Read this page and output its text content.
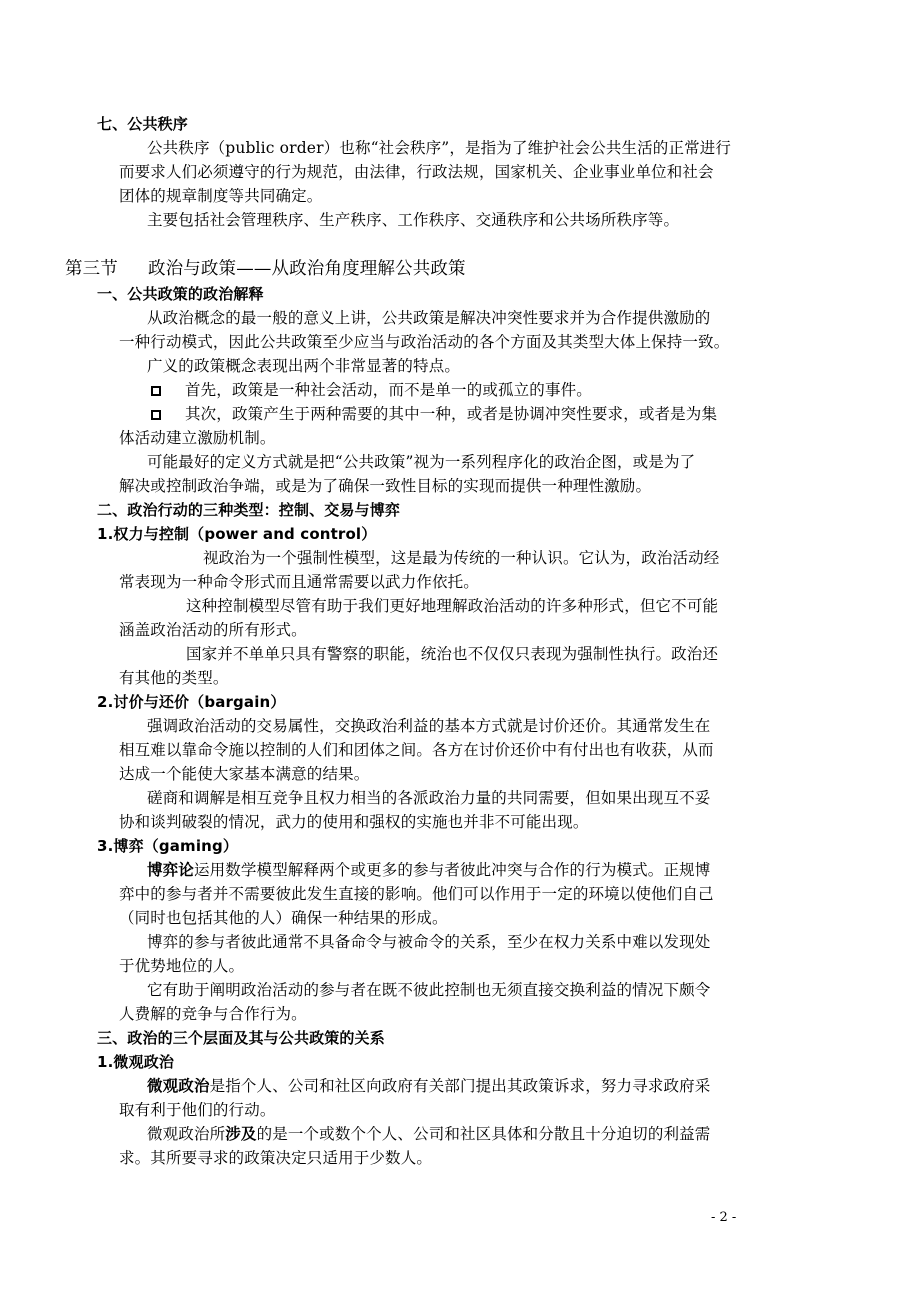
七、公共秩序
公共秩序（public order）也称“社会秩序”，是指为了维护社会公共生活的正常进行
而要求人们必须遵守的行为规范，由法律，行政法规，国家机关、企业事业单位和社会
团体的规章制度等共同确定。
主要包括社会管理秩序、生产秩序、工作秩序、交通秩序和公共场所秩序等。
第三节 政治与政策——从政治角度理解公共政策
一、公共政策的政治解释
从政治概念的最一般的意义上讲，公共政策是解决冲突性要求并为合作提供激励的
一种行动模式，因此公共政策至少应当与政治活动的各个方面及其类型大体上保持一致。
广义的政策概念表现出两个非常显著的特点。
首先，政策是一种社会活动，而不是单一的或孤立的事件。
其次，政策产生于两种需要的其中一种，或者是协调冲突性要求，或者是为集
体活动建立激励机制。
可能最好的定义方式就是把“公共政策”视为一系列程序化的政治企图，或是为了
解决或控制政治争端，或是为了确保一致性目标的实现而提供一种理性激励。
二、政治行动的三种类型：控制、交易与博弈
1.权力与控制（power and control）
视政治为一个强制性模型，这是最为传统的一种认识。它认为，政治活动经
常表现为一种命令形式而且通常需要以武力作依托。
这种控制模型尽管有助于我们更好地理解政治活动的许多种形式，但它不可能
涵盖政治活动的所有形式。
国家并不单单只具有警察的职能，统治也不仅仅只表现为强制性执行。政治还
有其他的类型。
2.讨价与还价（bargain）
强调政治活动的交易属性，交换政治利益的基本方式就是讨价还价。其通常发生在
相互难以靠命令施以控制的人们和团体之间。各方在讨价还价中有付出也有收获，从而
达成一个能使大家基本满意的结果。
磋商和调解是相互竞争且权力相当的各派政治力量的共同需要，但如果出现互不妥
协和谈判破裂的情况，武力的使用和强权的实施也并非不可能出现。
3.博弈（gaming）
博弈论运用数学模型解释两个或更多的参与者彼此冲突与合作的行为模式。正规博
弈中的参与者并不需要彼此发生直接的影响。他们可以作用于一定的环境以使他们自己
（同时也包括其他的人）确保一种结果的形成。
博弈的参与者彼此通常不具备命令与被命令的关系，至少在权力关系中难以发现处
于优势地位的人。
它有助于阐明政治活动的参与者在既不彼此控制也无须直接交换利益的情况下颇令
人费解的竞争与合作行为。
三、政治的三个层面及其与公共政策的关系
1.微观政治
微观政治是指个人、公司和社区向政府有关部门提出其政策诉求，努力寻求政府采
取有利于他们的行动。
微观政治所涉及的是一个或数个个人、公司和社区具体和分散且十分迫切的利益需
求。其所要寻求的政策决定只适用于少数人。
- 2 -
